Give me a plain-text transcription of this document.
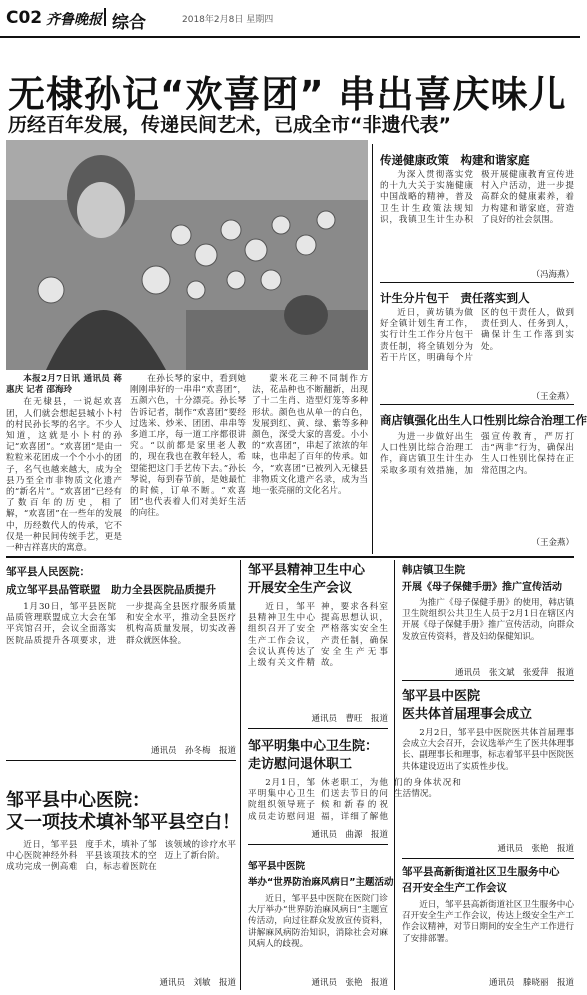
C02 齐鲁晚报 综合	2018年2月8日 星期四
无棣孙记“欢喜团” 串出喜庆味儿
历经百年发展，传递民间艺术，已成全市“非遗代表”

本报2月7日讯 通讯员 蒋惠庆 记者 邵海玲

在无棣县，一说起欢喜团，人们就会想起县城小卜村的村民孙长琴的名字。不少人知道，这就是小卜村的孙记“欢喜团”。“欢喜团”是由一粒粒米花团成一个个小小的团子，名气也越来越大，成为全县乃至全市非物质文化遗产的“新名片”。“欢喜团”已经有了数百年的历史，相了解，“欢喜团”在一些年的发展中，历经数代人的传承，它不仅是一种民间传统手艺，更是一种吉祥喜庆的寓意。

在孙长琴的家中，看到她刚刚串好的一串串“欢喜团”，五颜六色，十分漂亮。孙长琴告诉记者，制作“欢喜团”要经过选米、炒米、团团、串串等多道工序，每一道工序都很讲究。“以前都是家里老人教的，现在我也在教年轻人，希望能把这门手艺传下去。”孙长琴说，每到春节前，是她最忙的时候，订单不断。“欢喜团”也代表着人们对美好生活的向往。

蒙米花三种不同制作方法，花品种也不断翻新，出现了十二生肖、造型灯笼等多种形状。颜色也从单一的白色，发展到红、黄、绿、紫等多种颜色，深受大家的喜爱。小小的“欢喜团”，串起了浓浓的年味，也串起了百年的传承。如今，“欢喜团”已被列入无棣县非物质文化遗产名录，成为当地一张亮丽的文化名片。

传递健康政策　构建和谐家庭

为深入贯彻落实党的十九大关于实施健康中国战略的精神，普及卫生计生政策法规知识，我镇卫生计生办积极开展健康教育宣传进村入户活动，进一步提高群众的健康素养，着力构建和谐家庭，营造了良好的社会氛围。

（冯海燕）
计生分片包干　责任落实到人

近日，黄坊镇为做好全镇计划生育工作，实行计生工作分片包干责任制，将全镇划分为若干片区，明确每个片区的包干责任人，做到责任到人、任务到人，确保计生工作落到实处。

（王金燕）
商店镇强化出生人口性别比综合治理工作

为进一步做好出生人口性别比综合治理工作，商店镇卫生计生办采取多项有效措施，加强宣传教育，严厉打击“两非”行为，确保出生人口性别比保持在正常范围之内。

（王金燕）
邹平县人民医院：
成立邹平县品管联盟　助力全县医院品质提升

1月30日，邹平县医院品质管理联盟成立大会在邹平宾馆召开，会议全面落实医院品质提升各项要求，进一步提高全县医疗服务质量和安全水平，推动全县医疗机构高质量发展，切实改善群众就医体验。

通讯员　孙冬梅　报道
邹平县精神卫生中心
开展安全生产会议

近日，邹平县精神卫生中心组织召开了安全生产工作会议，会议认真传达了上级有关文件精神，要求各科室提高思想认识，严格落实安全生产责任制，确保安全生产无事故。

通讯员　曹旺　报道
韩店镇卫生院
开展《母子保健手册》推广宣传活动

为推广《母子保健手册》的使用，韩店镇卫生院组织公共卫生人员于2月1日在辖区内开展《母子保健手册》推广宣传活动，向群众发放宣传资料，普及妇幼保健知识。

通讯员　张文斌　张爱萍　报道
邹平明集中心卫生院：
走访慰问退休职工

2月1日，邹平明集中心卫生院组织领导班子成员走访慰问退休老职工，为他们送去节日的问候和新春的祝福，详细了解他们的身体状况和生活情况。

通讯员　曲源　报道
邹平县中医院
医共体首届理事会成立

2月2日，邹平县中医院医共体首届理事会成立大会召开，会议选举产生了医共体理事长、副理事长和理事，标志着邹平县中医院医共体建设迈出了实质性步伐。

通讯员　张艳　报道
邹平县中心医院：
又一项技术填补邹平县空白！

近日，邹平县中心医院神经外科成功完成一例高难度手术，填补了邹平县该项技术的空白，标志着医院在该领域的诊疗水平迈上了新台阶。

通讯员　刘敏　报道
邹平县中医院
举办“世界防治麻风病日”主题活动

近日，邹平县中医院在医院门诊大厅举办“世界防治麻风病日”主题宣传活动，向过往群众发放宣传资料，讲解麻风病防治知识，消除社会对麻风病人的歧视。

通讯员　张艳　报道
邹平县高新街道社区卫生服务中心
召开安全生产工作会议

近日，邹平县高新街道社区卫生服务中心召开安全生产工作会议，传达上级安全生产工作会议精神，对节日期间的安全生产工作进行了安排部署。

通讯员　滕晓丽　报道
